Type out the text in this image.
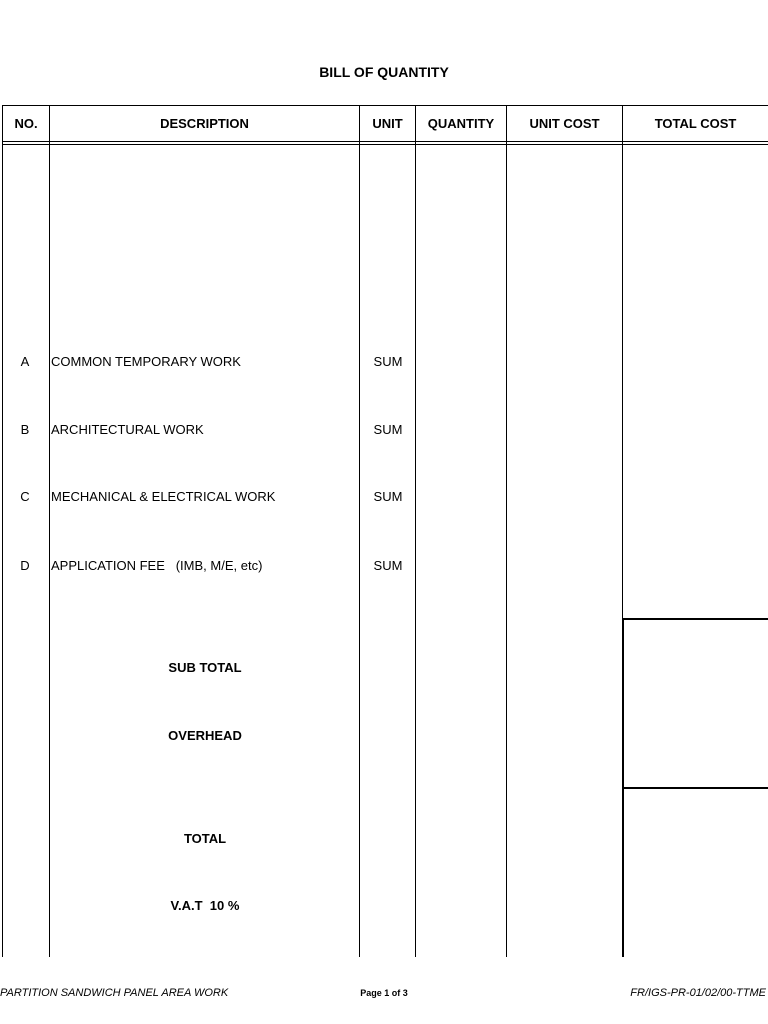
BILL OF QUANTITY
NO.	DESCRIPTION	UNIT	QUANTITY	UNIT COST	TOTAL COST
A	COMMON TEMPORARY WORK	SUM
B	ARCHITECTURAL WORK	SUM
C	MECHANICAL & ELECTRICAL WORK	SUM
D	APPLICATION FEE   (IMB, M/E, etc)	SUM
SUB TOTAL
OVERHEAD
TOTAL
V.A.T  10 %
PARTITION SANDWICH PANEL AREA WORK	Page 1 of 3	FR/IGS-PR-01/02/00-TTME
